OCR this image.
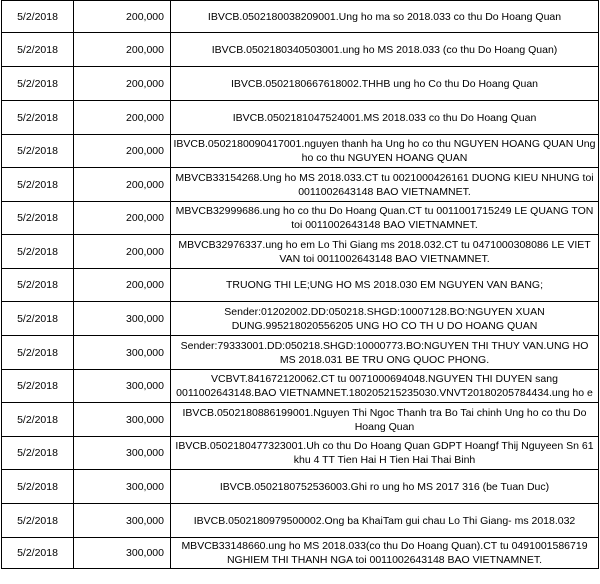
5/2/2018	200,000	IBVCB.0502180038209001.Ung ho ma so 2018.033 co thu Do Hoang Quan
5/2/2018	200,000	IBVCB.0502180340503001.ung ho MS 2018.033 (co thu Do Hoang Quan)
5/2/2018	200,000	IBVCB.0502180667618002.THHB ung ho Co thu Do Hoang Quan
5/2/2018	200,000	IBVCB.0502181047524001.MS 2018.033 co thu Do Hoang Quan
5/2/2018	200,000	IBVCB.0502180090417001.nguyen thanh ha Ung ho co thu NGUYEN HOANG QUAN Ung ho co thu NGUYEN HOANG QUAN
5/2/2018	200,000	MBVCB33154268.Ung ho MS 2018.033.CT tu 0021000426161 DUONG KIEU NHUNG toi 0011002643148 BAO VIETNAMNET.
5/2/2018	200,000	MBVCB32999686.ung ho co thu Do Hoang Quan.CT tu 0011001715249 LE QUANG TON toi 0011002643148 BAO VIETNAMNET.
5/2/2018	200,000	MBVCB32976337.ung ho em Lo Thi Giang ms 2018.032.CT tu 0471000308086 LE VIET VAN toi 0011002643148 BAO VIETNAMNET.
5/2/2018	200,000	TRUONG THI LE;UNG HO MS 2018.030 EM NGUYEN VAN BANG;
5/2/2018	300,000	Sender:01202002.DD:050218.SHGD:10007128.BO:NGUYEN XUAN DUNG.995218020556205 UNG HO CO TH U DO HOANG QUAN
5/2/2018	300,000	Sender:79333001.DD:050218.SHGD:10000773.BO:NGUYEN THI THUY VAN.UNG HO MS 2018.031 BE TRU ONG QUOC PHONG.
5/2/2018	300,000	VCBVT.841672120062.CT tu 0071000694048.NGUYEN THI DUYEN sang 0011002643148.BAO VIETNAMNET.180205215235030.VNVT20180205784434.ung ho e
5/2/2018	300,000	IBVCB.0502180886199001.Nguyen Thi Ngoc Thanh tra Bo Tai chinh Ung ho co thu Do Hoang Quan
5/2/2018	300,000	IBVCB.0502180477323001.Uh co thu Do Hoang Quan GDPT Hoangf Thij Nguyeen Sn 61 khu 4 TT Tien Hai H Tien Hai Thai Binh
5/2/2018	300,000	IBVCB.0502180752536003.Ghi ro ung ho MS 2017 316 (be Tuan Duc)
5/2/2018	300,000	IBVCB.0502180979500002.Ong ba KhaiTam gui chau Lo Thi Giang- ms 2018.032
5/2/2018	300,000	MBVCB33148660.ung ho MS 2018.033(co thu Do Hoang Quan).CT tu 0491001586719 NGHIEM THI THANH NGA toi 0011002643148 BAO VIETNAMNET.
